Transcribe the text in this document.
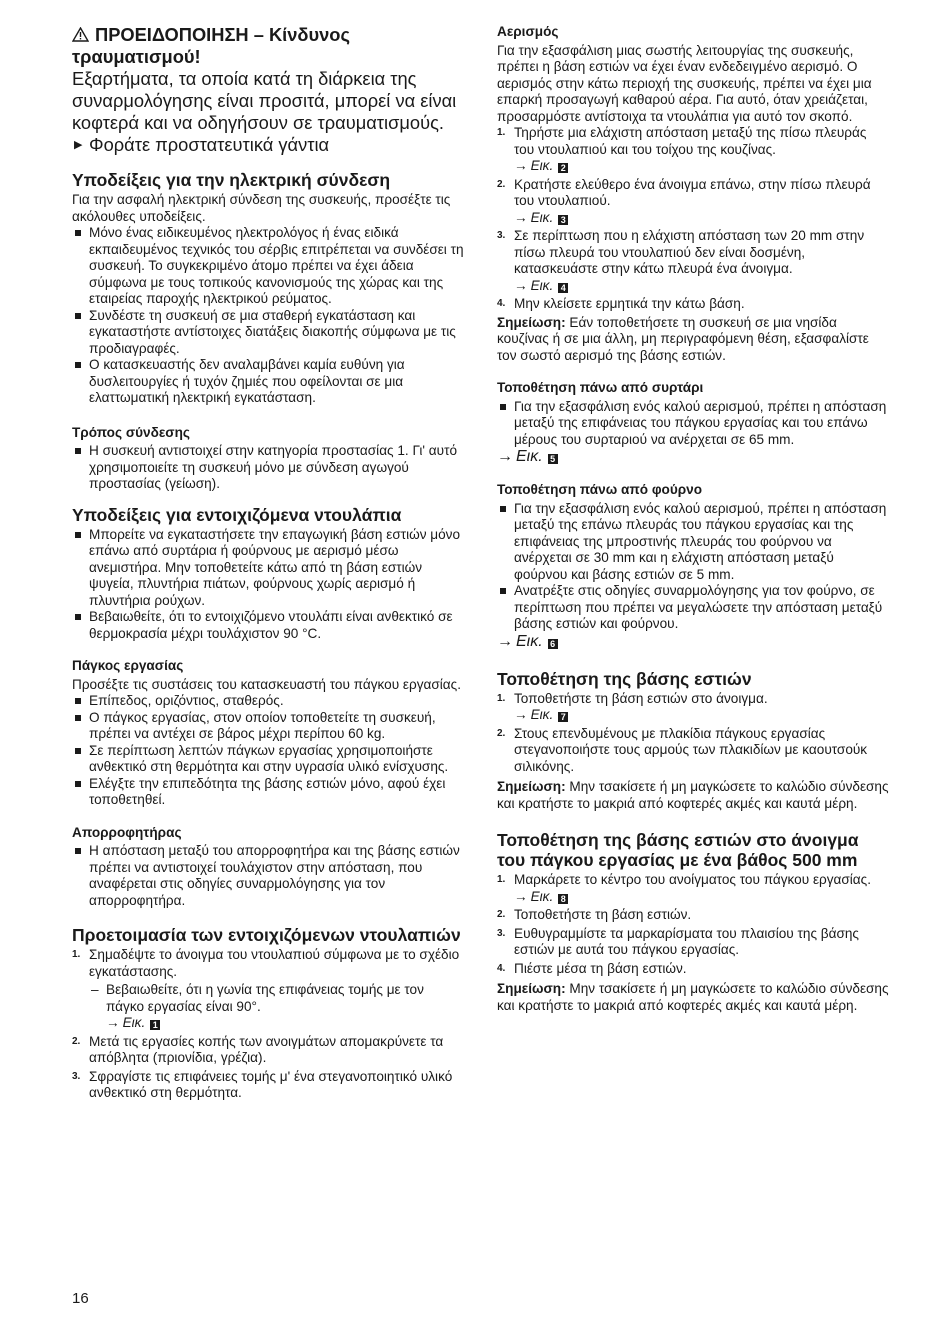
ΠΡΟΕΙΔΟΠΟΙΗΣΗ – Κίνδυνος τραυματισμού!
Εξαρτήματα, τα οποία κατά τη διάρκεια της συναρμολόγησης είναι προσιτά, μπορεί να είναι κοφτερά και να οδηγήσουν σε τραυματισμούς.
▶ Φοράτε προστατευτικά γάντια
Υποδείξεις για την ηλεκτρική σύνδεση

Για την ασφαλή ηλεκτρική σύνδεση της συσκευής, προσέξτε τις ακόλουθες υποδείξεις.

Μόνο ένας ειδικευμένος ηλεκτρολόγος ή ένας ειδικά εκπαιδευμένος τεχνικός του σέρβις επιτρέπεται να συνδέσει τη συσκευή. Το συγκεκριμένο άτομο πρέπει να έχει άδεια σύμφωνα με τους τοπικούς κανονισμούς της χώρας και της εταιρείας παροχής ηλεκτρικού ρεύματος.
Συνδέστε τη συσκευή σε μια σταθερή εγκατάσταση και εγκαταστήστε αντίστοιχες διατάξεις διακοπής σύμφωνα με τις προδιαγραφές.
Ο κατασκευαστής δεν αναλαμβάνει καμία ευθύνη για δυσλειτουργίες ή τυχόν ζημιές που οφείλονται σε μια ελαττωματική ηλεκτρική εγκατάσταση.
Τρόπος σύνδεσης
Η συσκευή αντιστοιχεί στην κατηγορία προστασίας 1. Γι' αυτό χρησιμοποιείτε τη συσκευή μόνο με σύνδεση αγωγού προστασίας (γείωση).
Υποδείξεις για εντοιχιζόμενα ντουλάπια
Μπορείτε να εγκαταστήσετε την επαγωγική βάση εστιών μόνο επάνω από συρτάρια ή φούρνους με αερισμό μέσω ανεμιστήρα. Μην τοποθετείτε κάτω από τη βάση εστιών ψυγεία, πλυντήρια πιάτων, φούρνους χωρίς αερισμό ή πλυντήρια ρούχων.
Βεβαιωθείτε, ότι το εντοιχιζόμενο ντουλάπι είναι ανθεκτικό σε θερμοκρασία μέχρι τουλάχιστον 90 °C.
Πάγκος εργασίας

Προσέξτε τις συστάσεις του κατασκευαστή του πάγκου εργασίας.

Επίπεδος, οριζόντιος, σταθερός.
Ο πάγκος εργασίας, στον οποίον τοποθετείτε τη συσκευή, πρέπει να αντέχει σε βάρος μέχρι περίπου 60 kg.
Σε περίπτωση λεπτών πάγκων εργασίας χρησιμοποιήστε ανθεκτικό στη θερμότητα και στην υγρασία υλικό ενίσχυσης.
Ελέγξτε την επιπεδότητα της βάσης εστιών μόνο, αφού έχει τοποθετηθεί.
Απορροφητήρας
Η απόσταση μεταξύ του απορροφητήρα και της βάσης εστιών πρέπει να αντιστοιχεί τουλάχιστον στην απόσταση, που αναφέρεται στις οδηγίες συναρμολόγησης για τον απορροφητήρα.
Προετοιμασία των εντοιχιζόμενων ντουλαπιών
1. Σημαδέψτε το άνοιγμα του ντουλαπιού σύμφωνα με το σχέδιο εγκατάστασης.
– Βεβαιωθείτε, ότι η γωνία της επιφάνειας τομής με τον πάγκο εργασίας είναι 90°.
→ Εικ. 1
2. Μετά τις εργασίες κοπής των ανοιγμάτων απομακρύνετε τα απόβλητα (πριονίδια, γρέζια).
3. Σφραγίστε τις επιφάνειες τομής μ' ένα στεγανοποιητικό υλικό ανθεκτικό στη θερμότητα.
Αερισμός

Για την εξασφάλιση μιας σωστής λειτουργίας της συσκευής, πρέπει η βάση εστιών να έχει έναν ενδεδειγμένο αερισμό. Ο αερισμός στην κάτω περιοχή της συσκευής, πρέπει να έχει μια επαρκή προσαγωγή καθαρού αέρα. Για αυτό, όταν χρειάζεται, προσαρμόστε αντίστοιχα τα ντουλάπια για αυτό τον σκοπό.

1. Τηρήστε μια ελάχιστη απόσταση μεταξύ της πίσω πλευράς του ντουλαπιού και του τοίχου της κουζίνας.
→ Εικ. 2
2. Κρατήστε ελεύθερο ένα άνοιγμα επάνω, στην πίσω πλευρά του ντουλαπιού.
→ Εικ. 3
3. Σε περίπτωση που η ελάχιστη απόσταση των 20 mm στην πίσω πλευρά του ντουλαπιού δεν είναι δοσμένη, κατασκευάστε στην κάτω πλευρά ένα άνοιγμα.
→ Εικ. 4
4. Μην κλείσετε ερμητικά την κάτω βάση.

Σημείωση: Εάν τοποθετήσετε τη συσκευή σε μια νησίδα κουζίνας ή σε μια άλλη, μη περιγραφόμενη θέση, εξασφαλίστε τον σωστό αερισμό της βάσης εστιών.

Τοποθέτηση πάνω από συρτάρι
Για την εξασφάλιση ενός καλού αερισμού, πρέπει η απόσταση μεταξύ της επιφάνειας του πάγκου εργασίας και του επάνω μέρους του συρταριού να ανέρχεται σε 65 mm.
→ Εικ. 5
Τοποθέτηση πάνω από φούρνο
Για την εξασφάλιση ενός καλού αερισμού, πρέπει η απόσταση μεταξύ της επάνω πλευράς του πάγκου εργασίας και της επιφάνειας της μπροστινής πλευράς του φούρνου να ανέρχεται σε 30 mm και η ελάχιστη απόσταση μεταξύ φούρνου και βάσης εστιών σε 5 mm.
Ανατρέξτε στις οδηγίες συναρμολόγησης για τον φούρνο, σε περίπτωση που πρέπει να μεγαλώσετε την απόσταση μεταξύ βάσης εστιών και φούρνου.
→ Εικ. 6
Τοποθέτηση της βάσης εστιών
1. Τοποθετήστε τη βάση εστιών στο άνοιγμα.
→ Εικ. 7
2. Στους επενδυμένους με πλακίδια πάγκους εργασίας στεγανοποιήστε τους αρμούς των πλακιδίων με καουτσούκ σιλικόνης.

Σημείωση: Μην τσακίσετε ή μη μαγκώσετε το καλώδιο σύνδεσης και κρατήστε το μακριά από κοφτερές ακμές και καυτά μέρη.

Τοποθέτηση της βάσης εστιών στο άνοιγμα του πάγκου εργασίας με ένα βάθος 500 mm
1. Μαρκάρετε το κέντρο του ανοίγματος του πάγκου εργασίας.
→ Εικ. 8
2. Τοποθετήστε τη βάση εστιών.
3. Ευθυγραμμίστε τα μαρκαρίσματα του πλαισίου της βάσης εστιών με αυτά του πάγκου εργασίας.
4. Πιέστε μέσα τη βάση εστιών.

Σημείωση: Μην τσακίσετε ή μη μαγκώσετε το καλώδιο σύνδεσης και κρατήστε το μακριά από κοφτερές ακμές και καυτά μέρη.

16
